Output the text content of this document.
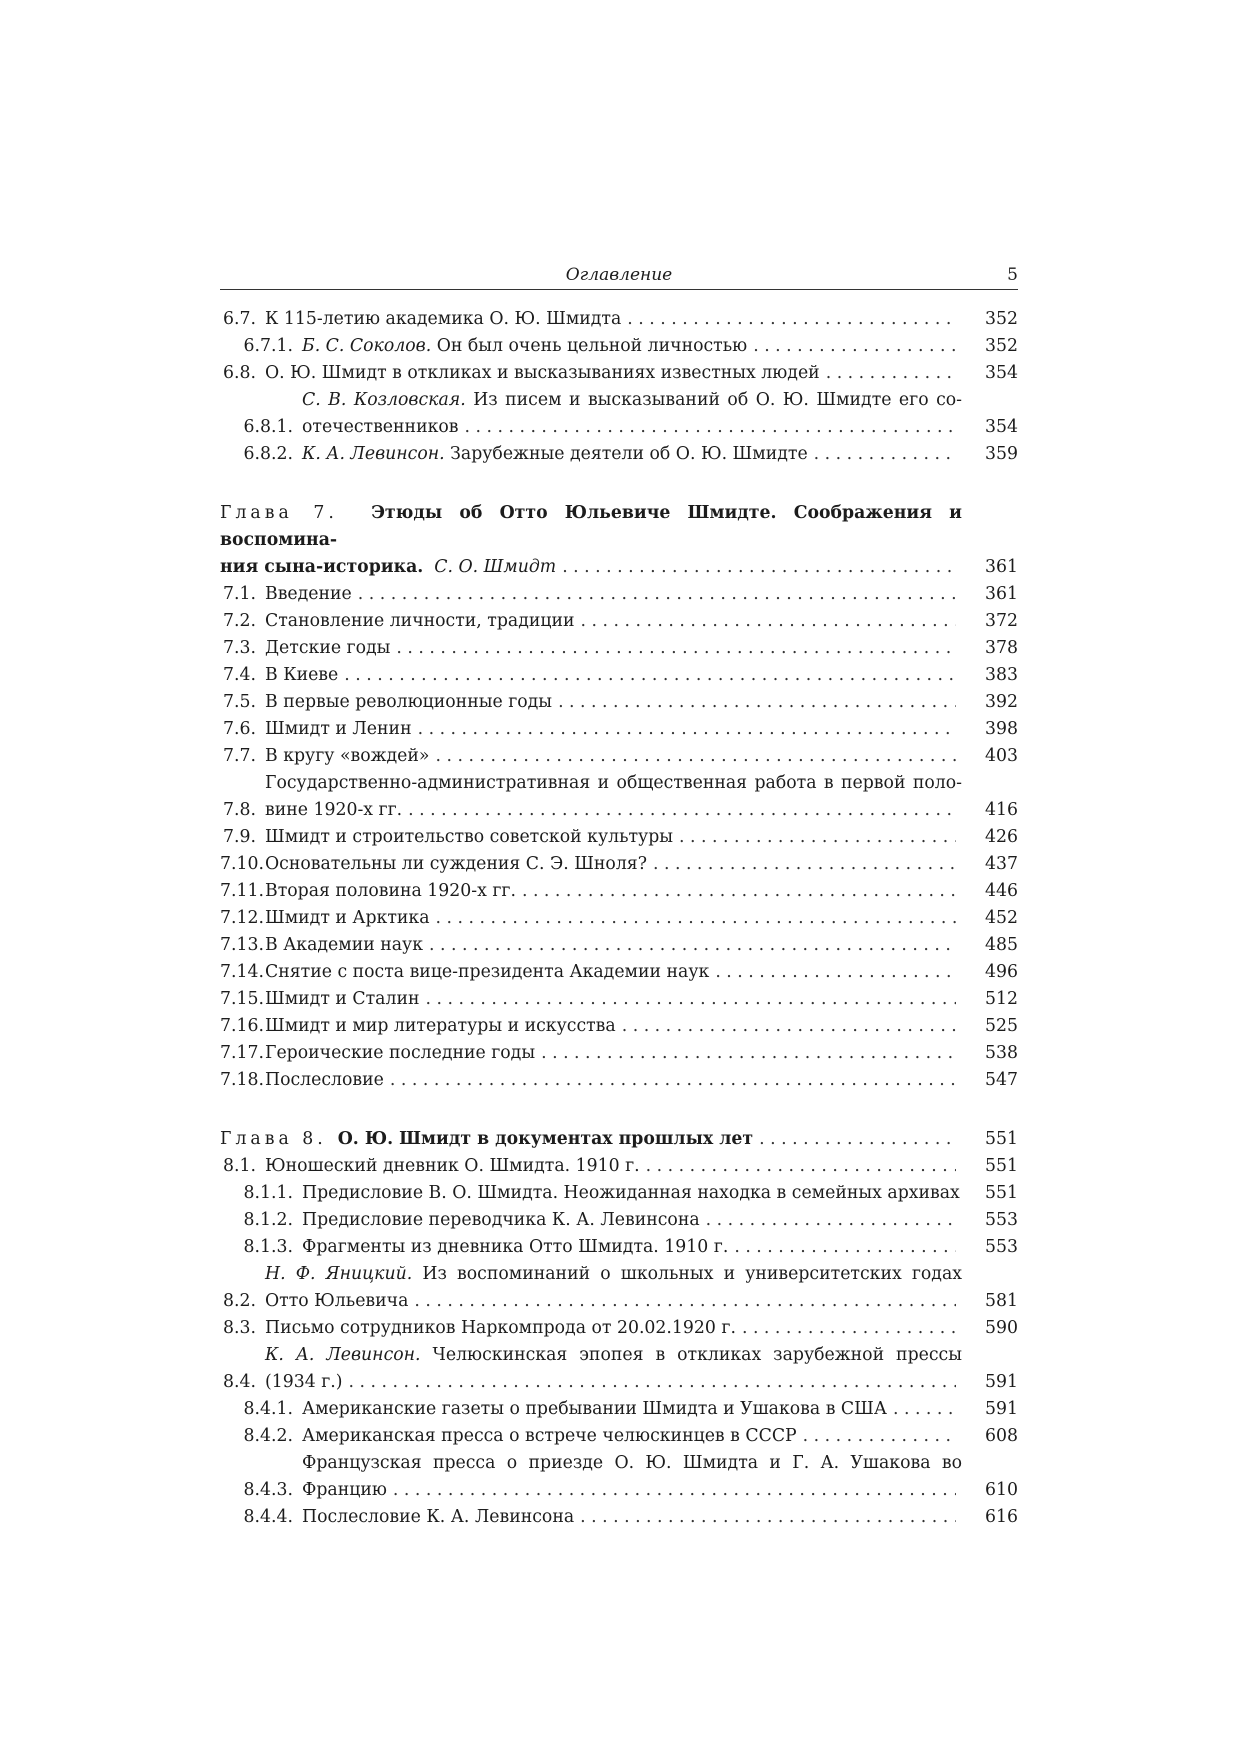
Оглавление	5
6.7. К 115-летию академика О. Ю. Шмидта . . .	352
6.7.1. Б. С. Соколов. Он был очень цельной личностью . . .	352
6.8. О. Ю. Шмидт в откликах и высказываниях известных людей . . .	354
6.8.1.
С. В. Козловская. Из писем и высказываний об О. Ю. Шмидте его со-
отечественников . . .	354
6.8.2. К. А. Левинсон. Зарубежные деятели об О. Ю. Шмидте . . .	359
Глава 7. Этюды об Отто Юльевиче Шмидте. Соображения и воспомина-
ния сына-историка. С. О. Шмидт . . .	361
7.1. Введение . . .	361
7.2. Становление личности, традиции . . .	372
7.3. Детские годы . . .	378
7.4. В Киеве . . .	383
7.5. В первые революционные годы . . .	392
7.6. Шмидт и Ленин . . .	398
7.7. В кругу «вождей» . . .	403
7.8.
Государственно-административная и общественная работа в первой поло-
вине 1920-х гг. . . .	416
7.9. Шмидт и строительство советской культуры . . .	426
7.10. Основательны ли суждения С. Э. Шноля? . . .	437
7.11. Вторая половина 1920-х гг. . . .	446
7.12. Шмидт и Арктика . . .	452
7.13. В Академии наук . . .	485
7.14. Снятие с поста вице-президента Академии наук . . .	496
7.15. Шмидт и Сталин . . .	512
7.16. Шмидт и мир литературы и искусства . . .	525
7.17. Героические последние годы . . .	538
7.18. Послесловие . . .	547
Глава 8. О. Ю. Шмидт в документах прошлых лет . . .	551
8.1. Юношеский дневник О. Шмидта. 1910 г. . . .	551
8.1.1. Предисловие В. О. Шмидта. Неожиданная находка в семейных архивах	551
8.1.2. Предисловие переводчика К. А. Левинсона . . .	553
8.1.3. Фрагменты из дневника Отто Шмидта. 1910 г. . . .	553
8.2.
Н. Ф. Яницкий. Из воспоминаний о школьных и университетских годах
Отто Юльевича . . .	581
8.3. Письмо сотрудников Наркомпрода от 20.02.1920 г. . . .	590
8.4.
К. А. Левинсон. Челюскинская эпопея в откликах зарубежной прессы
(1934 г.) . . .	591
8.4.1. Американские газеты о пребывании Шмидта и Ушакова в США . . .	591
8.4.2. Американская пресса о встрече челюскинцев в СССР . . .	608
8.4.3.
Французская пресса о приезде О. Ю. Шмидта и Г. А. Ушакова во
Францию . . .	610
8.4.4. Послесловие К. А. Левинсона . . .	616
